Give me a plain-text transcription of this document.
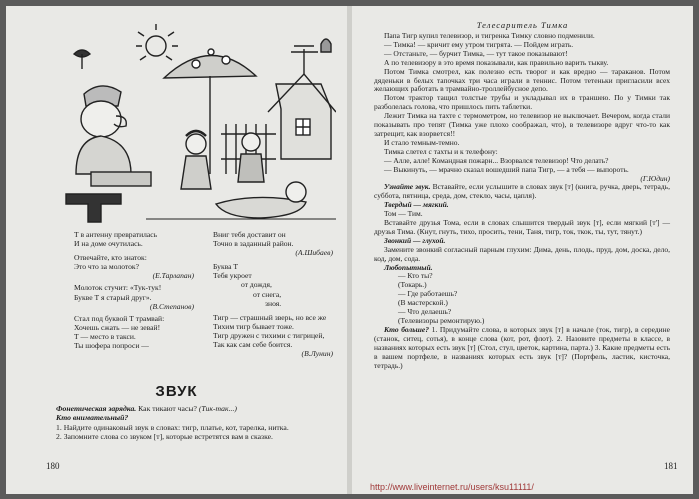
Т в антенну превратилась
И на доме очутилась.
Отвечайте, кто знаток:
Это что за молоток?
(Е.Тарлапан)
Молоток стучит: «Тук-тук!
Букве Т я старый друг».
(В.Степанов)
Стал под буквой Т трамвай:
Хочешь сжать — не зевай!
Т — место в такси.
Ты шофера попроси —
Вниг тебя доставит он
Точно в заданный район.
(А.Шибаев)
Буква Т
Тебя укроет
от дождя,
от снега,
зноя.
Тигр — страшный зверь, но все же
Тихим тигр бывает тоже.
Тигр дружен с тихими с тигрицей,
Так как сам себе боится.
(В.Лунин)
ЗВУК
Фонетическая зарядка. Как тикают часы? (Тик-так...)
Кто внимательный?
1. Найдите одинаковый звук в словах: тигр, платье, кот, тарелка, нитка.
2. Запомните слова со звуком [т], которые встретятся вам в сказке.
180
Телесаритель Тимка

Папа Тигр купил телевизор, и тигренка Тимку словно подменили.

— Тимка! — кричит ему утром тигрята. — Пойдем играть.

— Отстаньте, — бурчит Тимка, — тут такое показывают!

А по телевизору в это время показывали, как правильно варить тыкву.

Потом Тимка смотрел, как полезно есть творог и как вредно — тараканов. Потом дяденьки в белых тапочках три часа играли в теннис. Потом тетеньки пригласили всех желающих работать в трамвайно-троллейбусное депо.

Потом трактор тащил толстые трубы и укладывал их в траншею. По у Тимки так разболелась голова, что пришлось пить таблетки.

Лежит Тимка на тахте с термометром, но телевизор не выключает. Вечером, когда стали показывать про тепят (Тимка уже плохо соображал, что), в телевизоре вдруг что-то как затрещит, как взорвется!!

И стало темным-темно.

Тимка слетел с тахты и к телефону:

— Алле, алле! Командная пожарн... Взорвался телевизор! Что делать?

— Выкинуть, — мрачно сказал вошедший папа Тигр, — а тебя — выпороть.

(Г.Юдин)

Узнайте звук. Вставайте, если услышите в словах звук [т] (книга, ручка, дверь, тетрадь, субботa, пятница, среда, дом, стекло, часы, цапля).

Твердый — мягкий.

Том — Тим.

Вставайте друзья Тома, если в словах слышится твердый звук [т], если мягкий [т'] — друзья Тима. (Кнут, гнуть, тихо, просить, тени, Таня, тигр, ток, ткок, ты, тут, тянут.)

Звонкий — глухой.

Замените звонкий согласный парным глухим: Дима, день, плодь, пруд, дом, доска, дело, код, дом, сода.

Любопытный.

— Кто ты?

(Токарь.)

— Где работаешь?

(В мастерской.)

— Что делаешь?

(Телевизоры ремонтирую.)

Кто больше? 1. Придумайте слова, в которых звук [т] в начале (ток, тигр), в середине (станок, ситец, сотья), в конце слова (кот, рот, флот). 2. Назовите предметы в классе, в названиях которых есть звук [т] (Стол, стул, цветок, картина, парта.) 3. Какие предметы есть в вашем портфеле, в названиях которых есть звук [т]? (Портфель, ластик, кисточка, тетрадь.)

181
http://www.liveinternet.ru/users/ksu11111/
